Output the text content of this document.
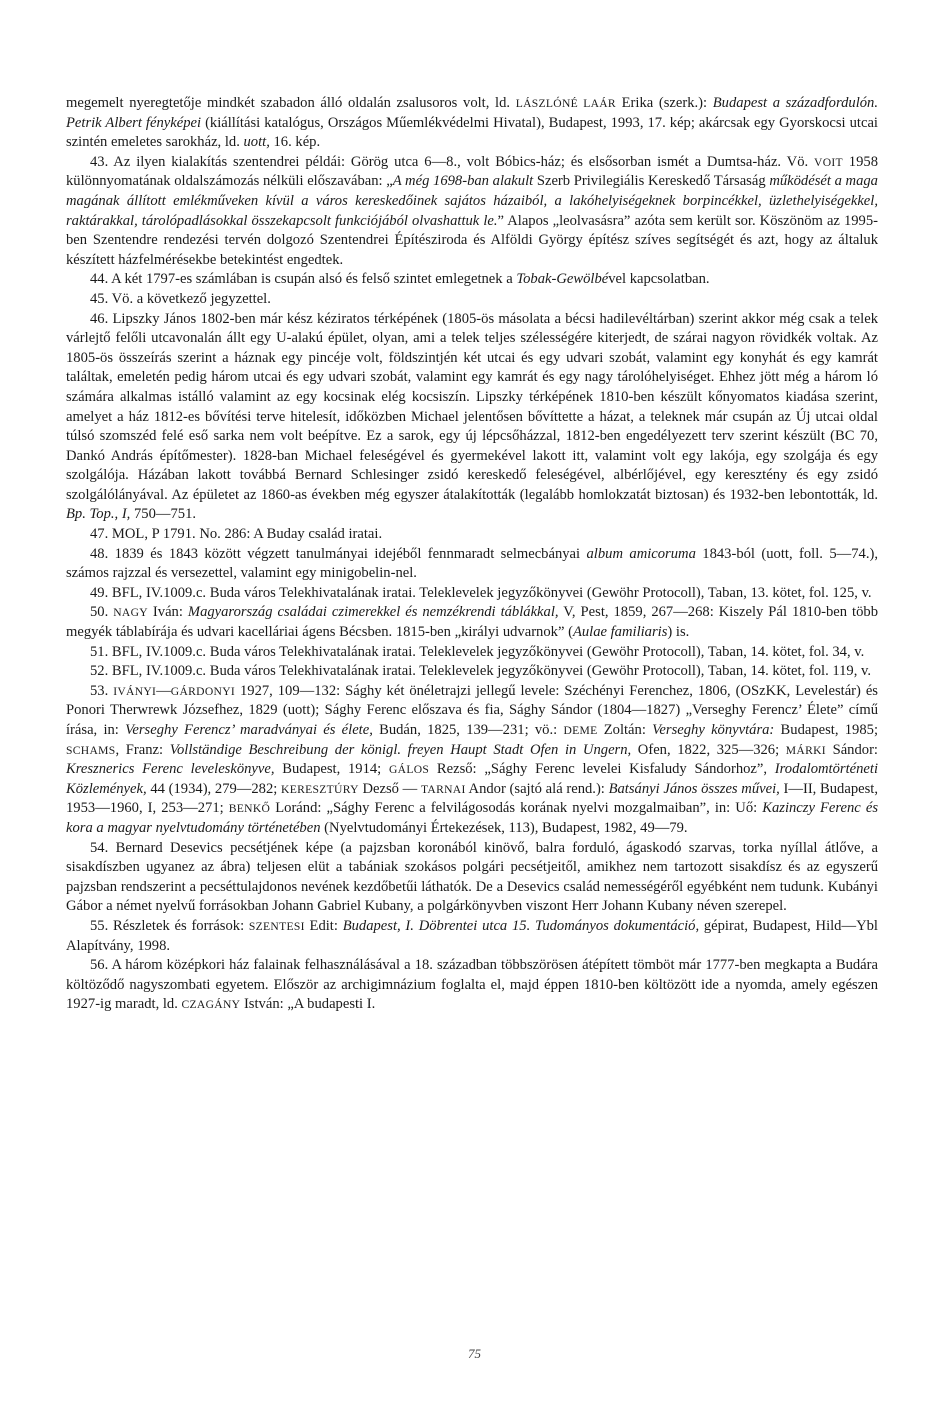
megemelt nyeregtetője mindkét szabadon álló oldalán zsalusoros volt, ld. LÁSZLÓNÉ LAÁR Erika (szerk.): Budapest a századfordulón. Petrik Albert fényképei (kiállítási katalógus, Országos Műemlékvédelmi Hivatal), Budapest, 1993, 17. kép; akárcsak egy Gyorskocsi utcai szintén emeletes sarokház, ld. uott, 16. kép.

43. Az ilyen kialakítás szentendrei példái: Görög utca 6—8., volt Bóbics-ház; és elsősorban ismét a Dumtsa-ház. Vö. VOIT 1958 különnyomatának oldalszámozás nélküli előszavában: „A még 1698-ban alakult Szerb Privilegiális Kereskedő Társaság működését a maga magának állított emlékműveken kívül a város kereskedőinek sajátos házaiból, a lakóhelyiségeknek borpincékkel, üzlethelyiségekkel, raktárakkal, tárolópadlásokkal összekapcsolt funkciójából olvashattuk le.” Alapos „leolvasásra” azóta sem került sor. Köszönöm az 1995-ben Szentendre rendezési tervén dolgozó Szentendrei Építésziroda és Alföldi György építész szíves segítségét és azt, hogy az általuk készített házfelmérésekbe betekintést engedtek.

44. A két 1797-es számlában is csupán alsó és felső szintet emlegetnek a Tobak-Gewölbével kapcsolatban.

45. Vö. a következő jegyzettel.

46. Lipszky János 1802-ben már kész kéziratos térképének (1805-ös másolata a bécsi hadilevéltárban) szerint akkor még csak a telek várlejtő felőli utcavonalán állt egy U-alakú épület, olyan, ami a telek teljes szélességére kiterjedt, de szárai nagyon rövidkék voltak. Az 1805-ös összeírás szerint a háznak egy pincéje volt, földszintjén két utcai és egy udvari szobát, valamint egy konyhát és egy kamrát találtak, emeletén pedig három utcai és egy udvari szobát, valamint egy kamrát és egy nagy tárolóhelyiséget. Ehhez jött még a három ló számára alkalmas istálló valamint az egy kocsinak elég kocsiszín. Lipszky térképének 1810-ben készült kőnyomatos kiadása szerint, amelyet a ház 1812-es bővítési terve hitelesít, időközben Michael jelentősen bővíttette a házat, a teleknek már csupán az Új utcai oldal túlsó szomszéd felé eső sarka nem volt beépítve. Ez a sarok, egy új lépcsőházzal, 1812-ben engedélyezett terv szerint készült (BC 70, Dankó András építőmester). 1828-ban Michael feleségével és gyermekével lakott itt, valamint volt egy lakója, egy szolgája és egy szolgálója. Házában lakott továbbá Bernard Schlesinger zsidó kereskedő feleségével, albérlőjével, egy keresztény és egy zsidó szolgálólányával. Az épületet az 1860-as években még egyszer átalakították (legalább homlokzatát biztosan) és 1932-ben lebontották, ld. Bp. Top., I, 750—751.

47. MOL, P 1791. No. 286: A Buday család iratai.

48. 1839 és 1843 között végzett tanulmányai idejéből fennmaradt selmecbányai album amicoruma 1843-ból (uott, foll. 5—74.), számos rajzzal és versezettel, valamint egy minigobelin-nel.

49. BFL, IV.1009.c. Buda város Telekhivatalának iratai. Teleklevelek jegyzőkönyvei (Gewöhr Protocoll), Taban, 13. kötet, fol. 125, v.

50. NAGY Iván: Magyarország családai czimerekkel és nemzékrendi táblákkal, V, Pest, 1859, 267—268: Kiszely Pál 1810-ben több megyék táblabírája és udvari kacelláriai ágens Bécsben. 1815-ben „királyi udvarnok” (Aulae familiaris) is.

51. BFL, IV.1009.c. Buda város Telekhivatalának iratai. Teleklevelek jegyzőkönyvei (Gewöhr Protocoll), Taban, 14. kötet, fol. 34, v.

52. BFL, IV.1009.c. Buda város Telekhivatalának iratai. Teleklevelek jegyzőkönyvei (Gewöhr Protocoll), Taban, 14. kötet, fol. 119, v.

53. IVÁNYI—GÁRDONYI 1927, 109—132: Sághy két önéletrajzi jellegű levele: Széchényi Ferenchez, 1806, (OSzKK, Levelestár) és Ponori Therwrewk Józsefhez, 1829 (uott); Sághy Ferenc előszava és fia, Sághy Sándor (1804—1827) „Verseghy Ferencz’ Élete” című írása, in: Verseghy Ferencz’ maradványai és élete, Budán, 1825, 139—231; vö.: DEME Zoltán: Verseghy könyvtára: Budapest, 1985; SCHAMS, Franz: Vollständige Beschreibung der königl. freyen Haupt Stadt Ofen in Ungern, Ofen, 1822, 325—326; MÁRKI Sándor: Kresznerics Ferenc leveleskönyve, Budapest, 1914; GÁLOS Rezső: „Sághy Ferenc levelei Kisfaludy Sándorhoz”, Irodalomtörténeti Közlemények, 44 (1934), 279—282; KERESZTÚRY Dezső — TARNAI Andor (sajtó alá rend.): Batsányi János összes művei, I—II, Budapest, 1953—1960, I, 253—271; BENKŐ Loránd: „Sághy Ferenc a felvilágosodás korának nyelvi mozgalmaiban”, in: Uő: Kazinczy Ferenc és kora a magyar nyelvtudomány történetében (Nyelvtudományi Értekezések, 113), Budapest, 1982, 49—79.

54. Bernard Desevics pecsétjének képe (a pajzsban koronából kinövő, balra forduló, ágaskodó szarvas, torka nyíllal átlőve, a sisakdíszben ugyanez az ábra) teljesen elüt a tabániak szokásos polgári pecsétjeitől, amikhez nem tartozott sisakdísz és az egyszerű pajzsban rendszerint a pecséttulajdonos nevének kezdőbetűi láthatók. De a Desevics család nemességéről egyébként nem tudunk. Kubányi Gábor a német nyelvű forrásokban Johann Gabriel Kubany, a polgárkönyvben viszont Herr Johann Kubany néven szerepel.

55. Részletek és források: SZENTESI Edit: Budapest, I. Döbrentei utca 15. Tudományos dokumentáció, gépirat, Budapest, Hild—Ybl Alapítvány, 1998.

56. A három középkori ház falainak felhasználásával a 18. században többszörösen átépített tömböt már 1777-ben megkapta a Budára költöződő nagyszombati egyetem. Először az archigimnázium foglalta el, majd éppen 1810-ben költözött ide a nyomda, amely egészen 1927-ig maradt, ld. CZAGÁNY István: „A budapesti I.

75
